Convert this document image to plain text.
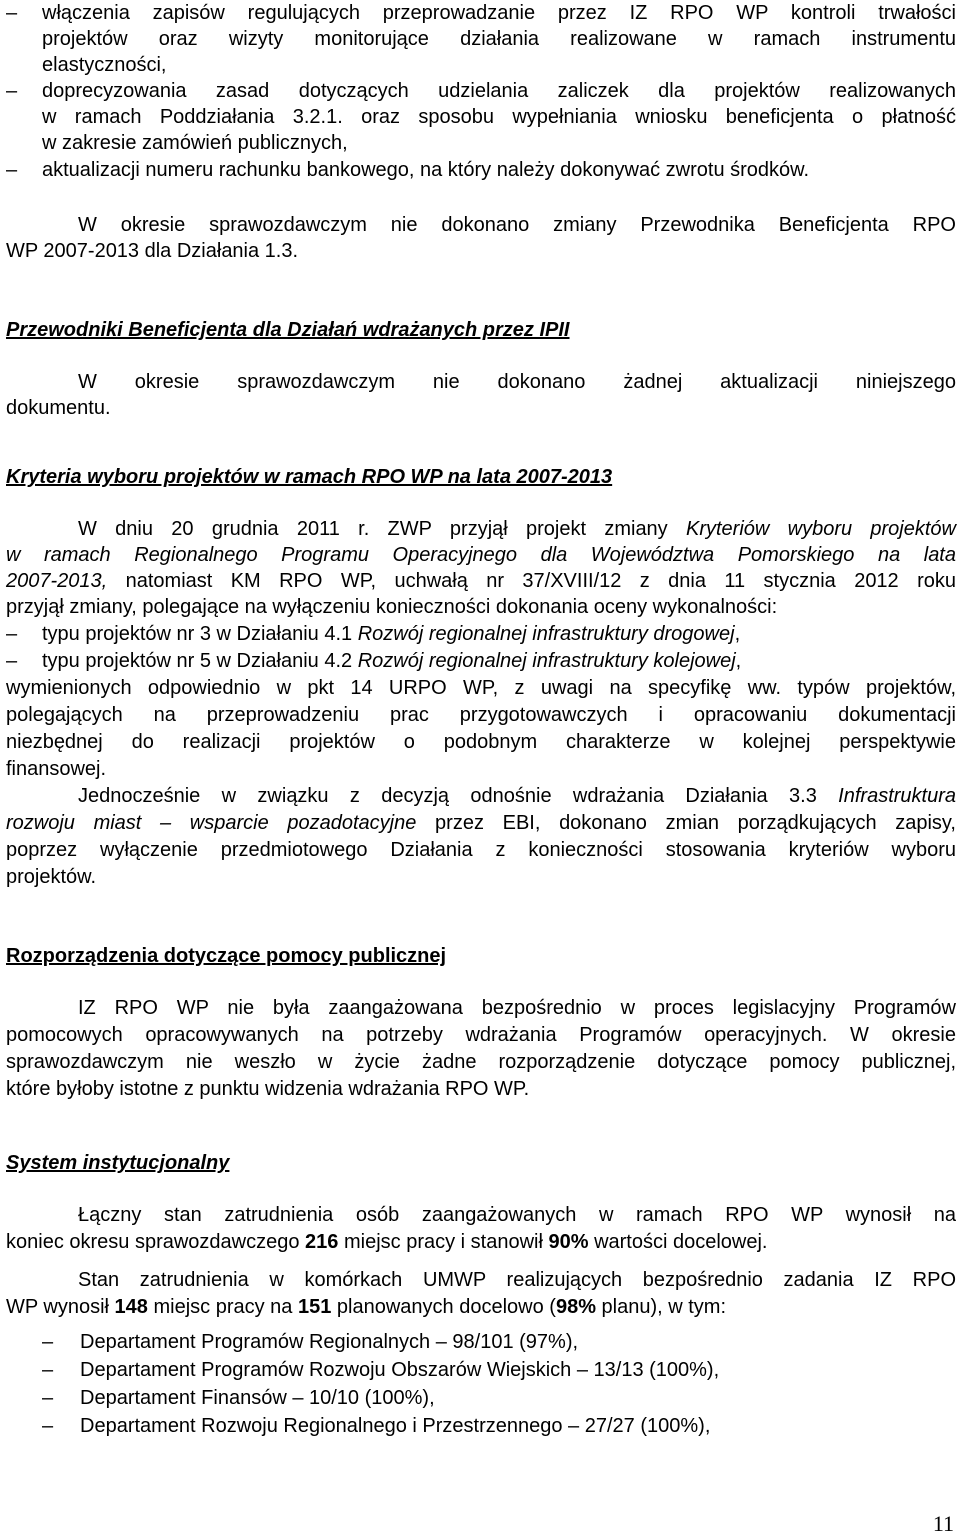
– włączenia zapisów regulujących przeprowadzanie przez IZ RPO WP kontroli trwałości
projektów oraz wizyty monitorujące działania realizowane w ramach instrumentu
elastyczności,
– doprecyzowania zasad dotyczących udzielania zaliczek dla projektów realizowanych
w ramach Poddziałania 3.2.1. oraz sposobu wypełniania wniosku beneficjenta o płatność
w zakresie zamówień publicznych,
– aktualizacji numeru rachunku bankowego, na który należy dokonywać zwrotu środków.
W okresie sprawozdawczym nie dokonano zmiany Przewodnika Beneficjenta RPO
WP 2007-2013 dla Działania 1.3.
Przewodniki Beneficjenta dla Działań wdrażanych przez IPII
W okresie sprawozdawczym nie dokonano żadnej aktualizacji niniejszego
dokumentu.
Kryteria wyboru projektów w ramach RPO WP na lata 2007-2013
W dniu 20 grudnia 2011 r. ZWP przyjął projekt zmiany Kryteriów wyboru projektów
w ramach Regionalnego Programu Operacyjnego dla Województwa Pomorskiego na lata
2007-2013, natomiast KM RPO WP, uchwałą nr 37/XVIII/12 z dnia 11 stycznia 2012 roku
przyjął zmiany, polegające na wyłączeniu konieczności dokonania oceny wykonalności:
– typu projektów nr 3 w Działaniu 4.1 Rozwój regionalnej infrastruktury drogowej,
– typu projektów nr 5 w Działaniu 4.2 Rozwój regionalnej infrastruktury kolejowej,
wymienionych odpowiednio w pkt 14 URPO WP, z uwagi na specyfikę ww. typów projektów,
polegających na przeprowadzeniu prac przygotowawczych i opracowaniu dokumentacji
niezbędnej do realizacji projektów o podobnym charakterze w kolejnej perspektywie
finansowej.
Jednocześnie w związku z decyzją odnośnie wdrażania Działania 3.3 Infrastruktura
rozwoju miast – wsparcie pozadotacyjne przez EBI, dokonano zmian porządkujących zapisy,
poprzez wyłączenie przedmiotowego Działania z konieczności stosowania kryteriów wyboru
projektów.
Rozporządzenia dotyczące pomocy publicznej
IZ RPO WP nie była zaangażowana bezpośrednio w proces legislacyjny Programów
pomocowych opracowywanych na potrzeby wdrażania Programów operacyjnych. W okresie
sprawozdawczym nie weszło w życie żadne rozporządzenie dotyczące pomocy publicznej,
które byłoby istotne z punktu widzenia wdrażania RPO WP.
System instytucjonalny
Łączny stan zatrudnienia osób zaangażowanych w ramach RPO WP wynosił na
koniec okresu sprawozdawczego 216 miejsc pracy i stanowił 90% wartości docelowej.
Stan zatrudnienia w komórkach UMWP realizujących bezpośrednio zadania IZ RPO
WP wynosił 148 miejsc pracy na 151 planowanych docelowo (98% planu), w tym:
– Departament Programów Regionalnych – 98/101 (97%),
– Departament Programów Rozwoju Obszarów Wiejskich – 13/13 (100%),
– Departament Finansów – 10/10 (100%),
– Departament Rozwoju Regionalnego i Przestrzennego – 27/27 (100%),
11
